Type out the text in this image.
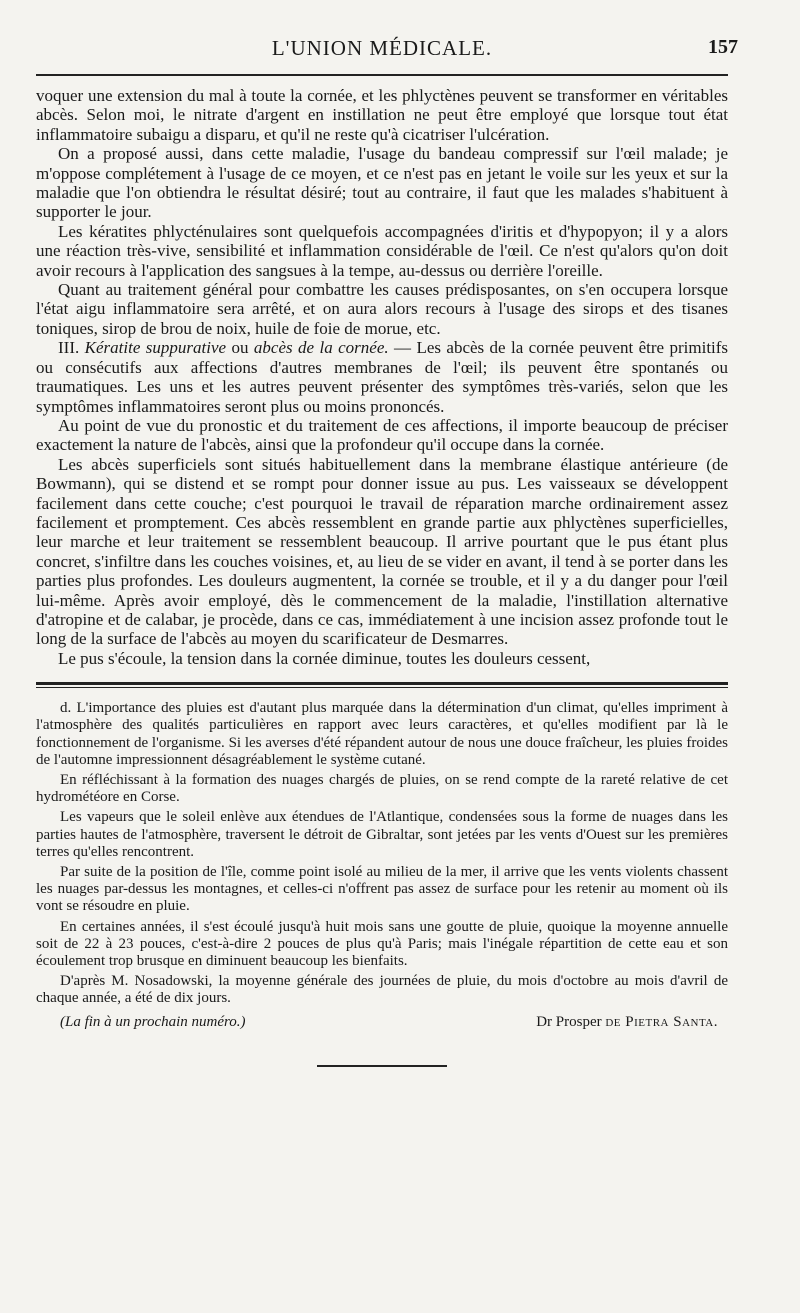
L'UNION MÉDICALE.	157

voquer une extension du mal à toute la cornée, et les phlyctènes peuvent se transformer en véritables abcès. Selon moi, le nitrate d'argent en instillation ne peut être employé que lorsque tout état inflammatoire subaigu a disparu, et qu'il ne reste qu'à cicatriser l'ulcération.

On a proposé aussi, dans cette maladie, l'usage du bandeau compressif sur l'œil malade; je m'oppose complétement à l'usage de ce moyen, et ce n'est pas en jetant le voile sur les yeux et sur la maladie que l'on obtiendra le résultat désiré; tout au contraire, il faut que les malades s'habituent à supporter le jour.

Les kératites phlycténulaires sont quelquefois accompagnées d'iritis et d'hypopyon; il y a alors une réaction très-vive, sensibilité et inflammation considérable de l'œil. Ce n'est qu'alors qu'on doit avoir recours à l'application des sangsues à la tempe, au-dessus ou derrière l'oreille.

Quant au traitement général pour combattre les causes prédisposantes, on s'en occupera lorsque l'état aigu inflammatoire sera arrêté, et on aura alors recours à l'usage des sirops et des tisanes toniques, sirop de brou de noix, huile de foie de morue, etc.

III. Kératite suppurative ou abcès de la cornée. — Les abcès de la cornée peuvent être primitifs ou consécutifs aux affections d'autres membranes de l'œil; ils peuvent être spontanés ou traumatiques. Les uns et les autres peuvent présenter des symptômes très-variés, selon que les symptômes inflammatoires seront plus ou moins prononcés.

Au point de vue du pronostic et du traitement de ces affections, il importe beaucoup de préciser exactement la nature de l'abcès, ainsi que la profondeur qu'il occupe dans la cornée.

Les abcès superficiels sont situés habituellement dans la membrane élastique antérieure (de Bowmann), qui se distend et se rompt pour donner issue au pus. Les vaisseaux se développent facilement dans cette couche; c'est pourquoi le travail de réparation marche ordinairement assez facilement et promptement. Ces abcès ressemblent en grande partie aux phlyctènes superficielles, leur marche et leur traitement se ressemblent beaucoup. Il arrive pourtant que le pus étant plus concret, s'infiltre dans les couches voisines, et, au lieu de se vider en avant, il tend à se porter dans les parties plus profondes. Les douleurs augmentent, la cornée se trouble, et il y a du danger pour l'œil lui-même. Après avoir employé, dès le commencement de la maladie, l'instillation alternative d'atropine et de calabar, je procède, dans ce cas, immédiatement à une incision assez profonde tout le long de la surface de l'abcès au moyen du scarificateur de Desmarres.

Le pus s'écoule, la tension dans la cornée diminue, toutes les douleurs cessent,

d. L'importance des pluies est d'autant plus marquée dans la détermination d'un climat, qu'elles impriment à l'atmosphère des qualités particulières en rapport avec leurs caractères, et qu'elles modifient par là le fonctionnement de l'organisme. Si les averses d'été répandent autour de nous une douce fraîcheur, les pluies froides de l'automne impressionnent désagréablement le système cutané.

En réfléchissant à la formation des nuages chargés de pluies, on se rend compte de la rareté relative de cet hydrométéore en Corse.

Les vapeurs que le soleil enlève aux étendues de l'Atlantique, condensées sous la forme de nuages dans les parties hautes de l'atmosphère, traversent le détroit de Gibraltar, sont jetées par les vents d'Ouest sur les premières terres qu'elles rencontrent.

Par suite de la position de l'île, comme point isolé au milieu de la mer, il arrive que les vents violents chassent les nuages par-dessus les montagnes, et celles-ci n'offrent pas assez de surface pour les retenir au moment où ils vont se résoudre en pluie.

En certaines années, il s'est écoulé jusqu'à huit mois sans une goutte de pluie, quoique la moyenne annuelle soit de 22 à 23 pouces, c'est-à-dire 2 pouces de plus qu'à Paris; mais l'inégale répartition de cette eau et son écoulement trop brusque en diminuent beaucoup les bienfaits.

D'après M. Nosadowski, la moyenne générale des journées de pluie, du mois d'octobre au mois d'avril de chaque année, a été de dix jours.

(La fin à un prochain numéro.)	Dr Prosper de Pietra Santa.
